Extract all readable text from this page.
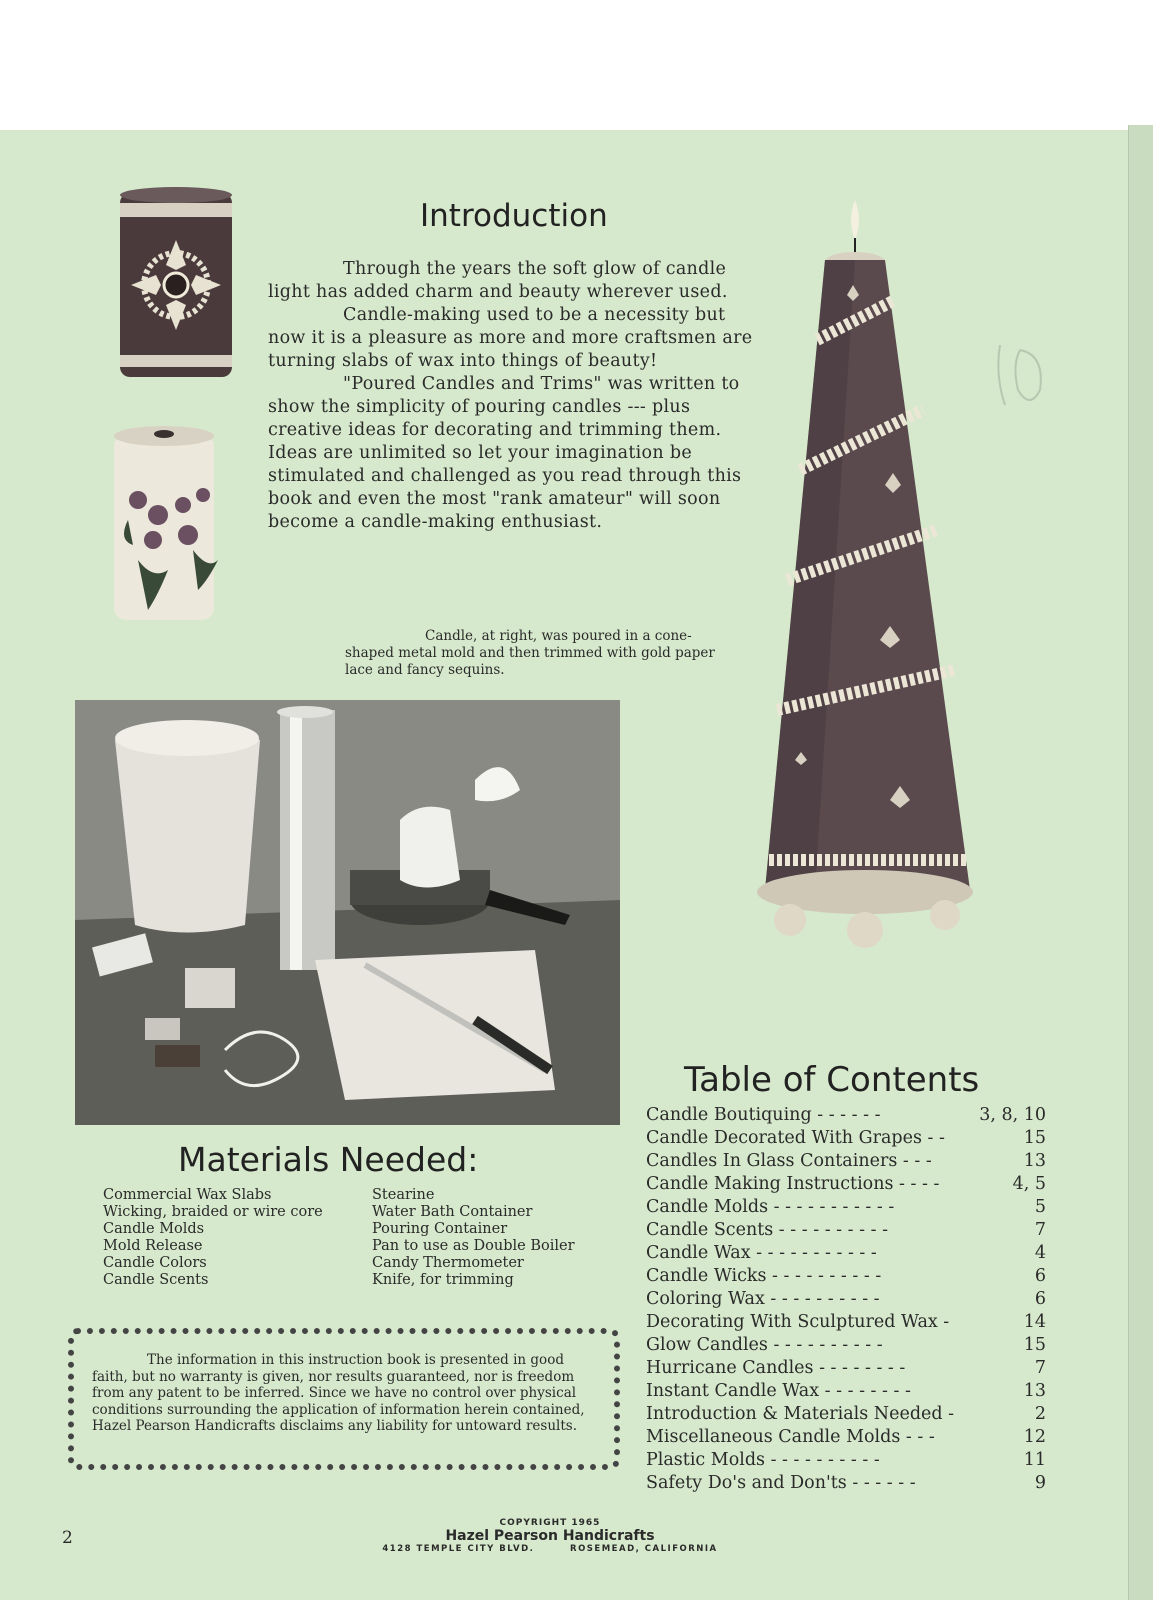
Introduction

Through the years the soft glow of candle light has added charm and beauty wherever used.

Candle-making used to be a necessity but now it is a pleasure as more and more craftsmen are turning slabs of wax into things of beauty!

"Poured Candles and Trims" was written to show the simplicity of pouring candles --- plus creative ideas for decorating and trimming them. Ideas are unlimited so let your imagination be stimulated and challenged as you read through this book and even the most "rank amateur" will soon become a candle-making enthusiast.

Candle, at right, was poured in a cone-shaped metal mold and then trimmed with gold paper lace and fancy sequins.

Materials Needed:
Commercial Wax Slabs
Wicking, braided or wire core
Candle Molds
Mold Release
Candle Colors
Candle Scents
Stearine
Water Bath Container
Pouring Container
Pan to use as Double Boiler
Candy Thermometer
Knife, for trimming

The information in this instruction book is presented in good faith, but no warranty is given, nor results guaranteed, nor is freedom from any patent to be inferred. Since we have no control over physical conditions surrounding the application of information herein contained, Hazel Pearson Handicrafts disclaims any liability for untoward results.

Table of Contents
Candle Boutiquing - - - - - -	3, 8, 10
Candle Decorated With Grapes - -	15
Candles In Glass Containers - - -	13
Candle Making Instructions - - - -	4, 5
Candle Molds - - - - - - - - - - -	5
Candle Scents - - - - - - - - - -	7
Candle Wax - - - - - - - - - - -	4
Candle Wicks - - - - - - - - - -	6
Coloring Wax - - - - - - - - - -	6
Decorating With Sculptured Wax -	14
Glow Candles - - - - - - - - - -	15
Hurricane Candles - - - - - - - -	7
Instant Candle Wax - - - - - - - -	13
Introduction & Materials Needed -	2
Miscellaneous Candle Molds - - -	12
Plastic Molds - - - - - - - - - -	11
Safety Do's and Don'ts - - - - - -	9

2

COPYRIGHT 1965
Hazel Pearson Handicrafts
4128 TEMPLE CITY BLVD.        ROSEMEAD, CALIFORNIA
